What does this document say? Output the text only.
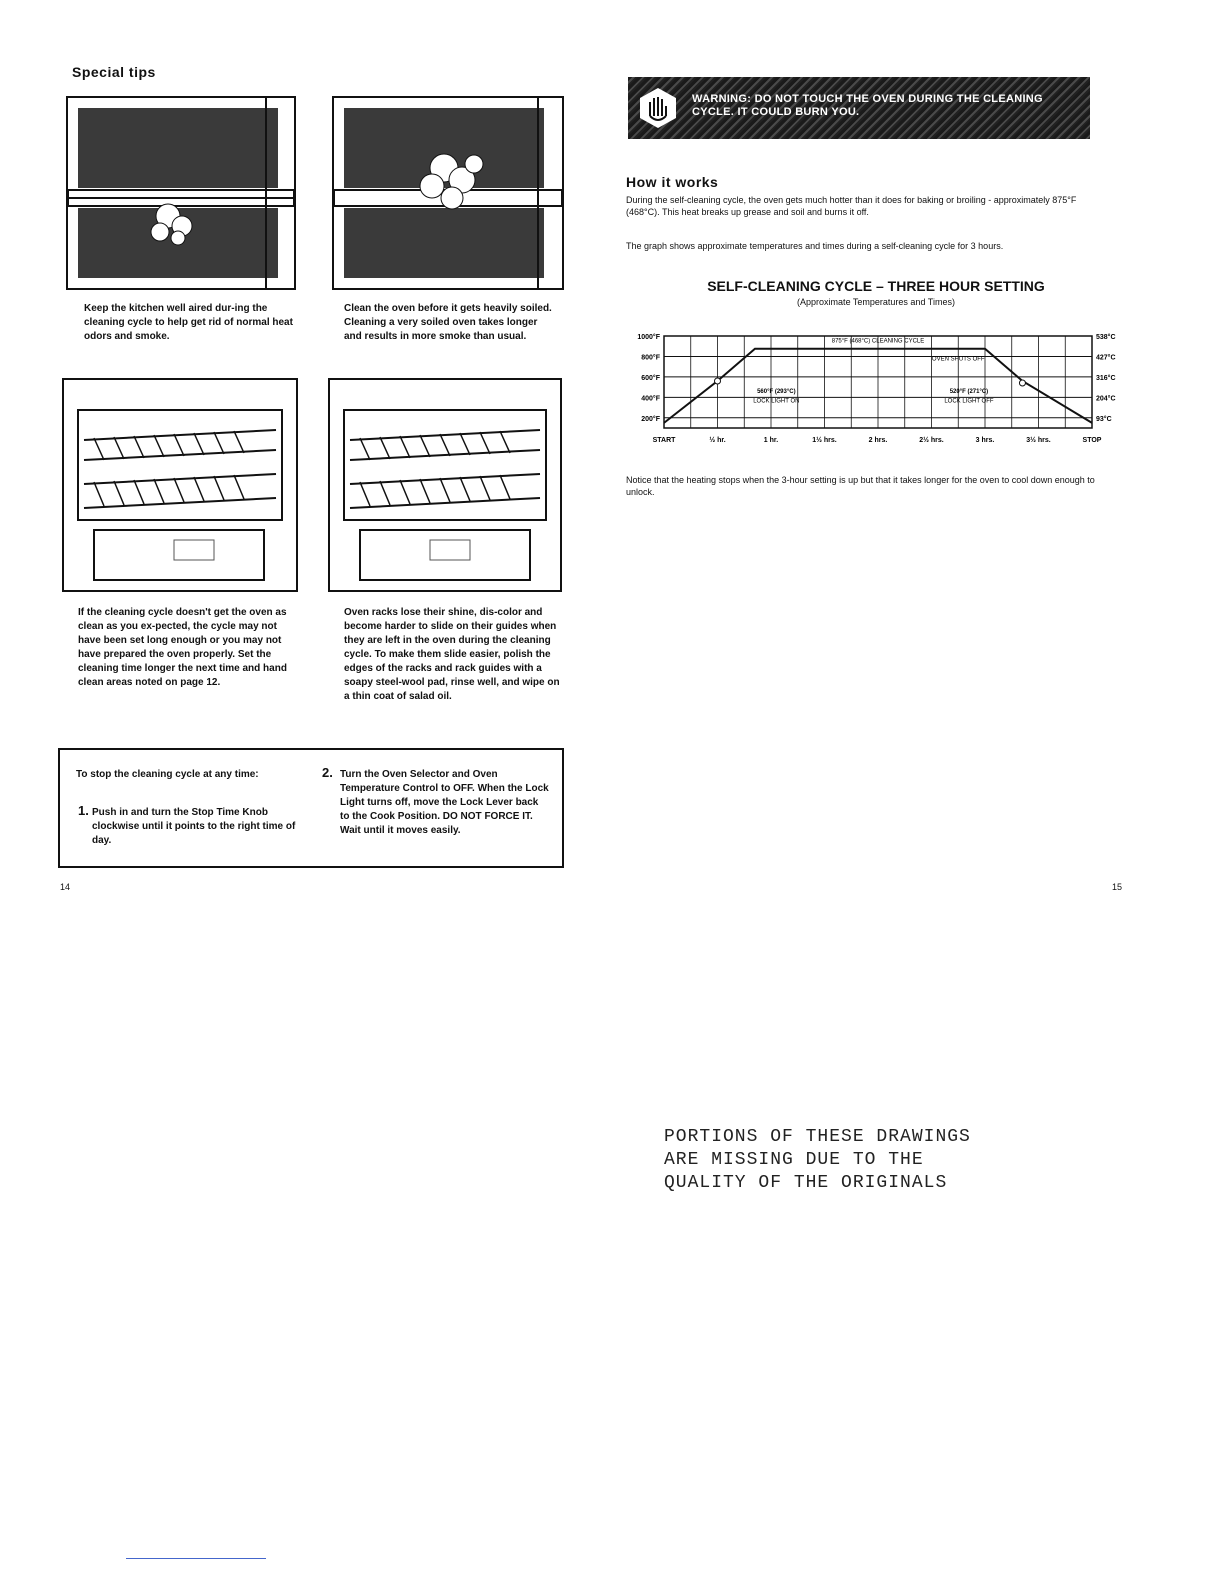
Special tips
Keep the kitchen well aired dur-ing the cleaning cycle to help get rid of normal heat odors and smoke.
Clean the oven before it gets heavily soiled. Cleaning a very soiled oven takes longer and results in more smoke than usual.
If the cleaning cycle doesn't get the oven as clean as you ex-pected, the cycle may not have been set long enough or you may not have prepared the oven properly. Set the cleaning time longer the next time and hand clean areas noted on page 12.
Oven racks lose their shine, dis-color and become harder to slide on their guides when they are left in the oven during the cleaning cycle. To make them slide easier, polish the edges of the racks and rack guides with a soapy steel-wool pad, rinse well, and wipe on a thin coat of salad oil.
To stop the cleaning cycle at any time:
1. Push in and turn the Stop Time Knob clockwise until it points to the right time of day.
2. Turn the Oven Selector and Oven Temperature Control to OFF. When the Lock Light turns off, move the Lock Lever back to the Cook Position. DO NOT FORCE IT. Wait until it moves easily.
14
WARNING: DO NOT TOUCH THE OVEN DURING THE CLEANING CYCLE. IT COULD BURN YOU.
How it works
During the self-cleaning cycle, the oven gets much hotter than it does for baking or broiling - approximately 875°F (468°C). This heat breaks up grease and soil and burns it off.
The graph shows approximate temperatures and times during a self-cleaning cycle for 3 hours.
SELF-CLEANING CYCLE – THREE HOUR SETTING
(Approximate Temperatures and Times)
1000°F	538°C
800°F	427°C
600°F	316°C
400°F	204°C
200°F	93°C
START	½ hr.	1 hr.	1½ hrs.	2 hrs.	2½ hrs.	3 hrs.	3½ hrs.	STOP
875°F (468°C) CLEANING CYCLE
OVEN SHUTS OFF
560°F (293°C)
LOCK LIGHT ON
520°F (271°C)
LOCK LIGHT OFF
Notice that the heating stops when the 3-hour setting is up but that it takes longer for the oven to cool down enough to unlock.
15
PORTIONS OF THESE DRAWINGS
ARE MISSING DUE TO THE
QUALITY OF THE ORIGINALS
